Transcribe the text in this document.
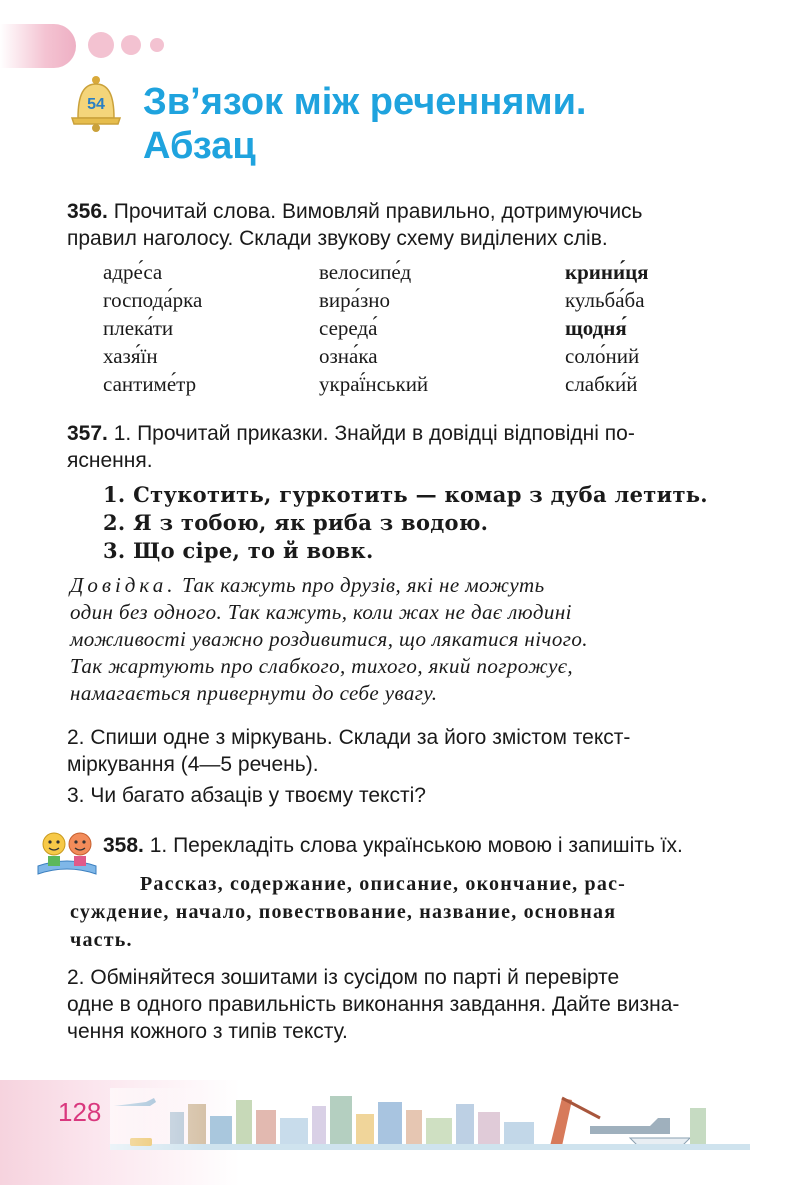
54	Зв’язок між реченнями.
Абзац

356. Прочитай слова. Вимовляй правильно, дотримуючись
правил наголосу. Склади звукову схему виділених слів.

адре́са	велосипе́д	крини́ця
господа́рка	вира́зно	кульба́ба
плека́ти	середа́	щодня́
хазя́їн	озна́ка	соло́ний
сантиме́тр	украї́нський	слабки́й

357. 1. Прочитай приказки. Знайди в довідці відповідні по-
яснення.

1. Стукотить, гуркотить — комар з дуба летить.
2. Я з тобою, як риба з водою.
3. Що сіре, то й вовк.

Довідка. Так кажуть про друзів, які не можуть
один без одного. Так кажуть, коли жах не дає людині
можливості уважно роздивитися, що лякатися нічого.
Так жартують про слабкого, тихого, який погрожує,
намагається привернути до себе увагу.

2. Спиши одне з міркувань. Склади за його змістом текст-
міркування (4—5 речень).

3. Чи багато абзаців у твоєму тексті?

358. 1. Перекладіть слова українською мовою і запишіть їх.

Рассказ, содержание, описание, окончание, рас-
суждение, начало, повествование, название, основная
часть.

2. Обміняйтеся зошитами із сусідом по парті й перевірте
одне в одного правильність виконання завдання. Дайте визна-
чення кожного з типів тексту.

128
